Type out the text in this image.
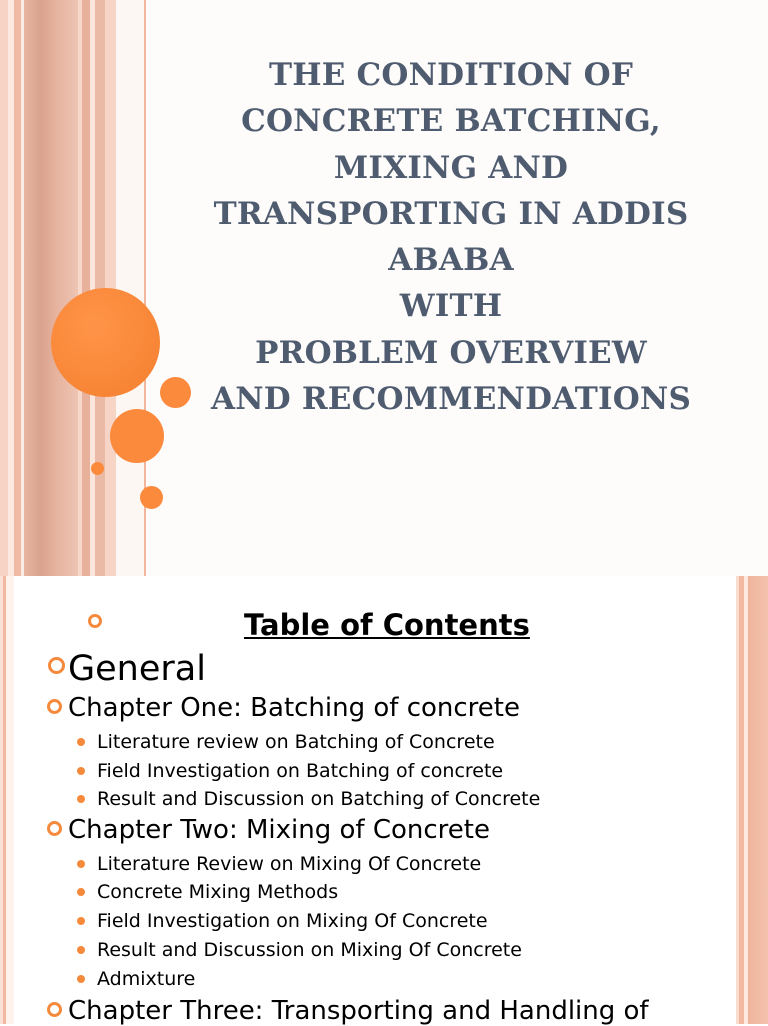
THE CONDITION OF
CONCRETE BATCHING,
MIXING AND
TRANSPORTING IN ADDIS
ABABA
WITH
PROBLEM OVERVIEW
AND RECOMMENDATIONS
Table of Contents
General
Chapter One: Batching of concrete
Literature review on Batching of Concrete
Field Investigation on Batching of concrete
Result and Discussion on Batching of Concrete
Chapter Two: Mixing of Concrete
Literature Review on Mixing Of Concrete
Concrete Mixing Methods
Field Investigation on Mixing Of Concrete
Result and Discussion on Mixing Of Concrete
Admixture
Chapter Three: Transporting and Handling of
